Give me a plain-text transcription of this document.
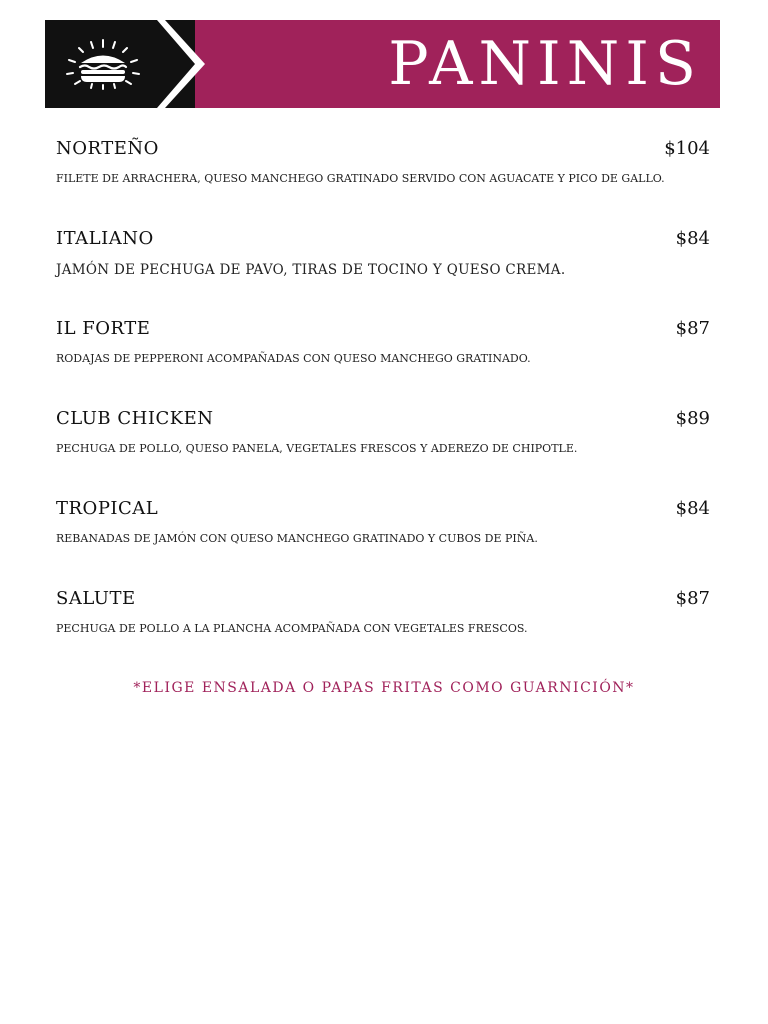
PANINIS
NORTEÑO	$104
FILETE DE ARRACHERA, QUESO MANCHEGO GRATINADO SERVIDO CON AGUACATE Y PICO DE GALLO.
ITALIANO	$84
JAMÓN DE PECHUGA DE PAVO, TIRAS DE TOCINO Y QUESO CREMA.
IL FORTE	$87
RODAJAS DE PEPPERONI ACOMPAÑADAS CON QUESO MANCHEGO GRATINADO.
CLUB CHICKEN	$89
PECHUGA DE POLLO, QUESO PANELA, VEGETALES FRESCOS Y ADEREZO DE CHIPOTLE.
TROPICAL	$84
REBANADAS DE JAMÓN CON QUESO MANCHEGO GRATINADO Y CUBOS DE PIÑA.
SALUTE	$87
PECHUGA DE POLLO A LA PLANCHA ACOMPAÑADA CON VEGETALES FRESCOS.
*ELIGE ENSALADA O PAPAS FRITAS COMO GUARNICIÓN*
